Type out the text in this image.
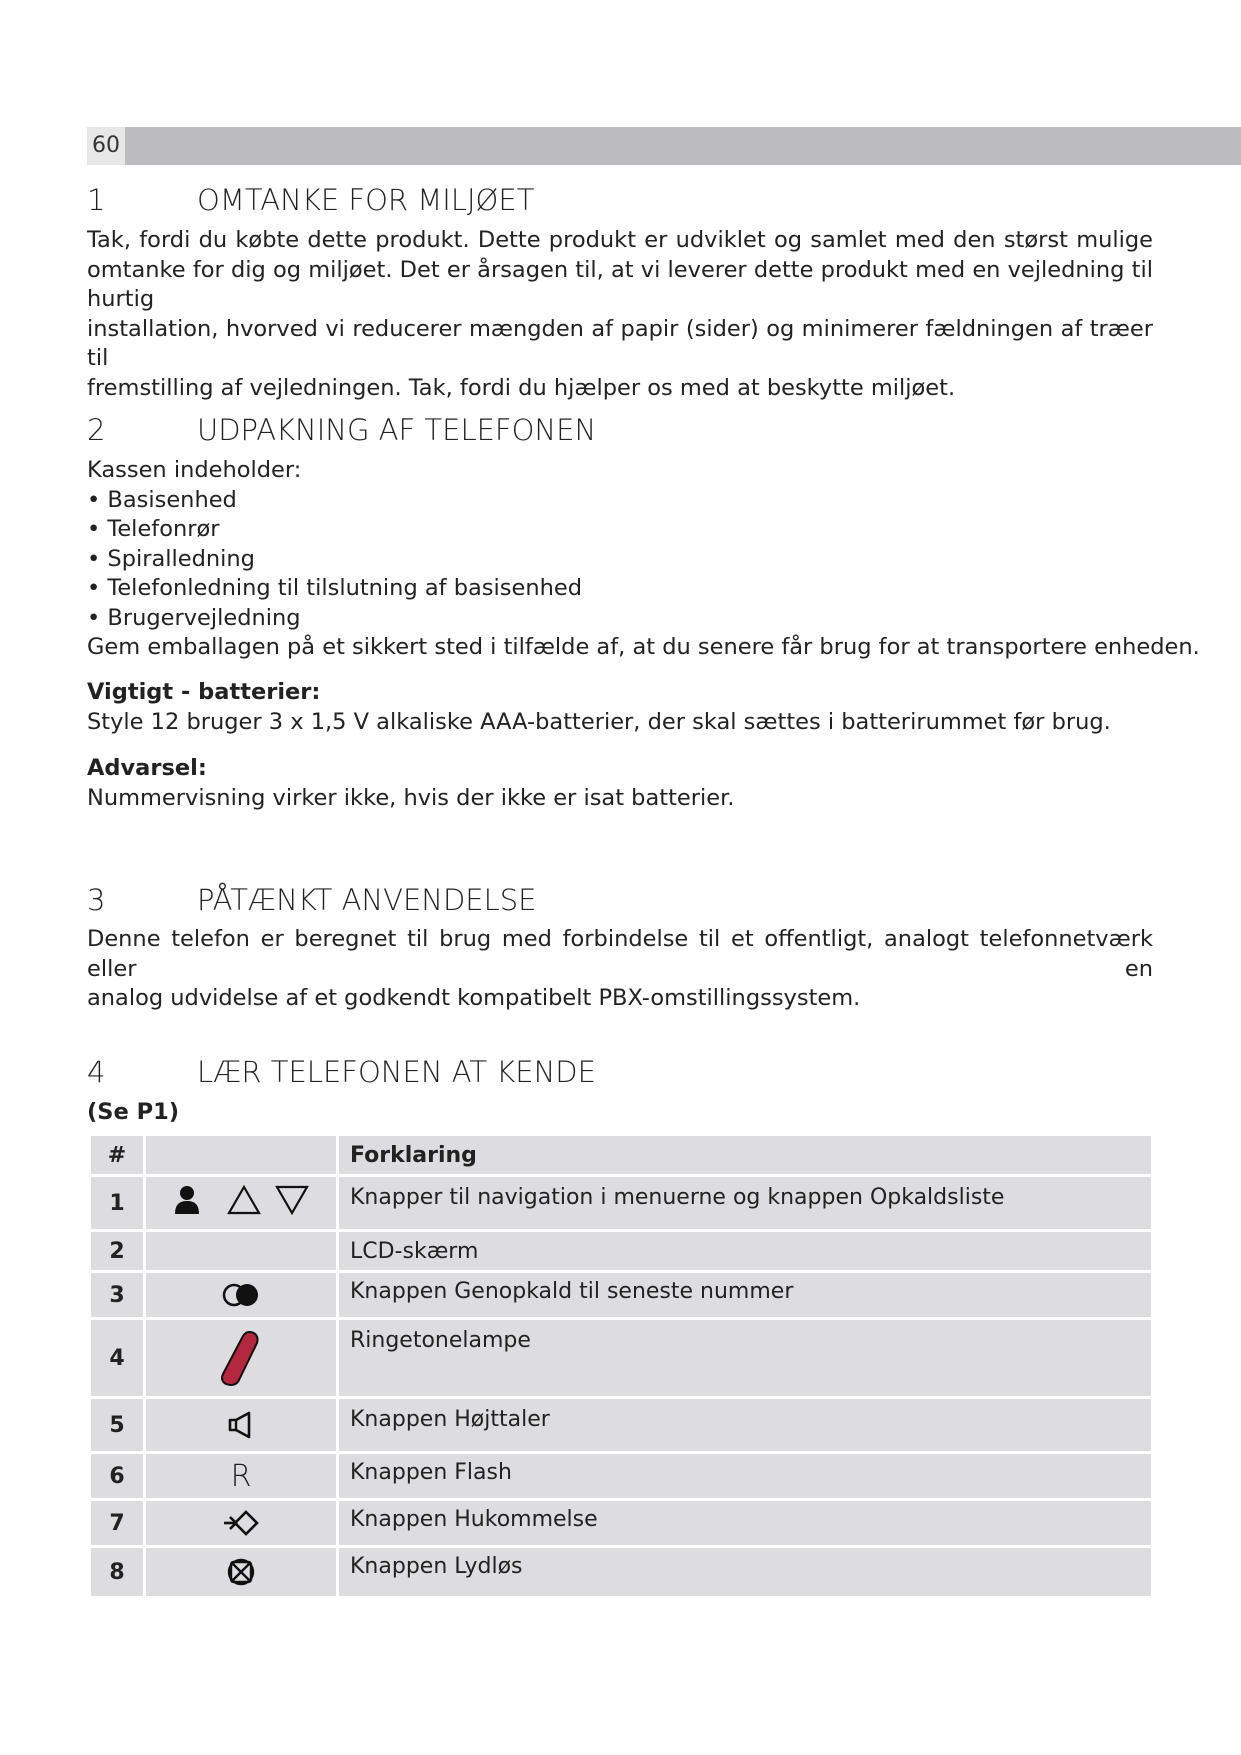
60
1	OMTANKE FOR MILJØET
Tak, fordi du købte dette produkt. Dette produkt er udviklet og samlet med den størst mulige
omtanke for dig og miljøet. Det er årsagen til, at vi leverer dette produkt med en vejledning til hurtig
installation, hvorved vi reducerer mængden af papir (sider) og minimerer fældningen af træer til
fremstilling af vejledningen. Tak, fordi du hjælper os med at beskytte miljøet.
2	UDPAKNING AF TELEFONEN
Kassen indeholder:
• Basisenhed
• Telefonrør
• Spiralledning
• Telefonledning til tilslutning af basisenhed
• Brugervejledning
Gem emballagen på et sikkert sted i tilfælde af, at du senere får brug for at transportere enheden.
Vigtigt - batterier:
Style 12 bruger 3 x 1,5 V alkaliske AAA-batterier, der skal sættes i batterirummet før brug.
Advarsel:
Nummervisning virker ikke, hvis der ikke er isat batterier.
3	PÅTÆNKT ANVENDELSE
Denne telefon er beregnet til brug med forbindelse til et offentligt, analogt telefonnetværk eller en
analog udvidelse af et godkendt kompatibelt PBX-omstillingssystem.
4	LÆR TELEFONEN AT KENDE
(Se P1)
#		Forklaring
1		Knapper til navigation i menuerne og knappen Opkaldsliste
2		LCD-skærm
3		Knappen Genopkald til seneste nummer
4		Ringetonelampe
5		Knappen Højttaler
6	R	Knappen Flash
7		Knappen Hukommelse
8		Knappen Lydløs
